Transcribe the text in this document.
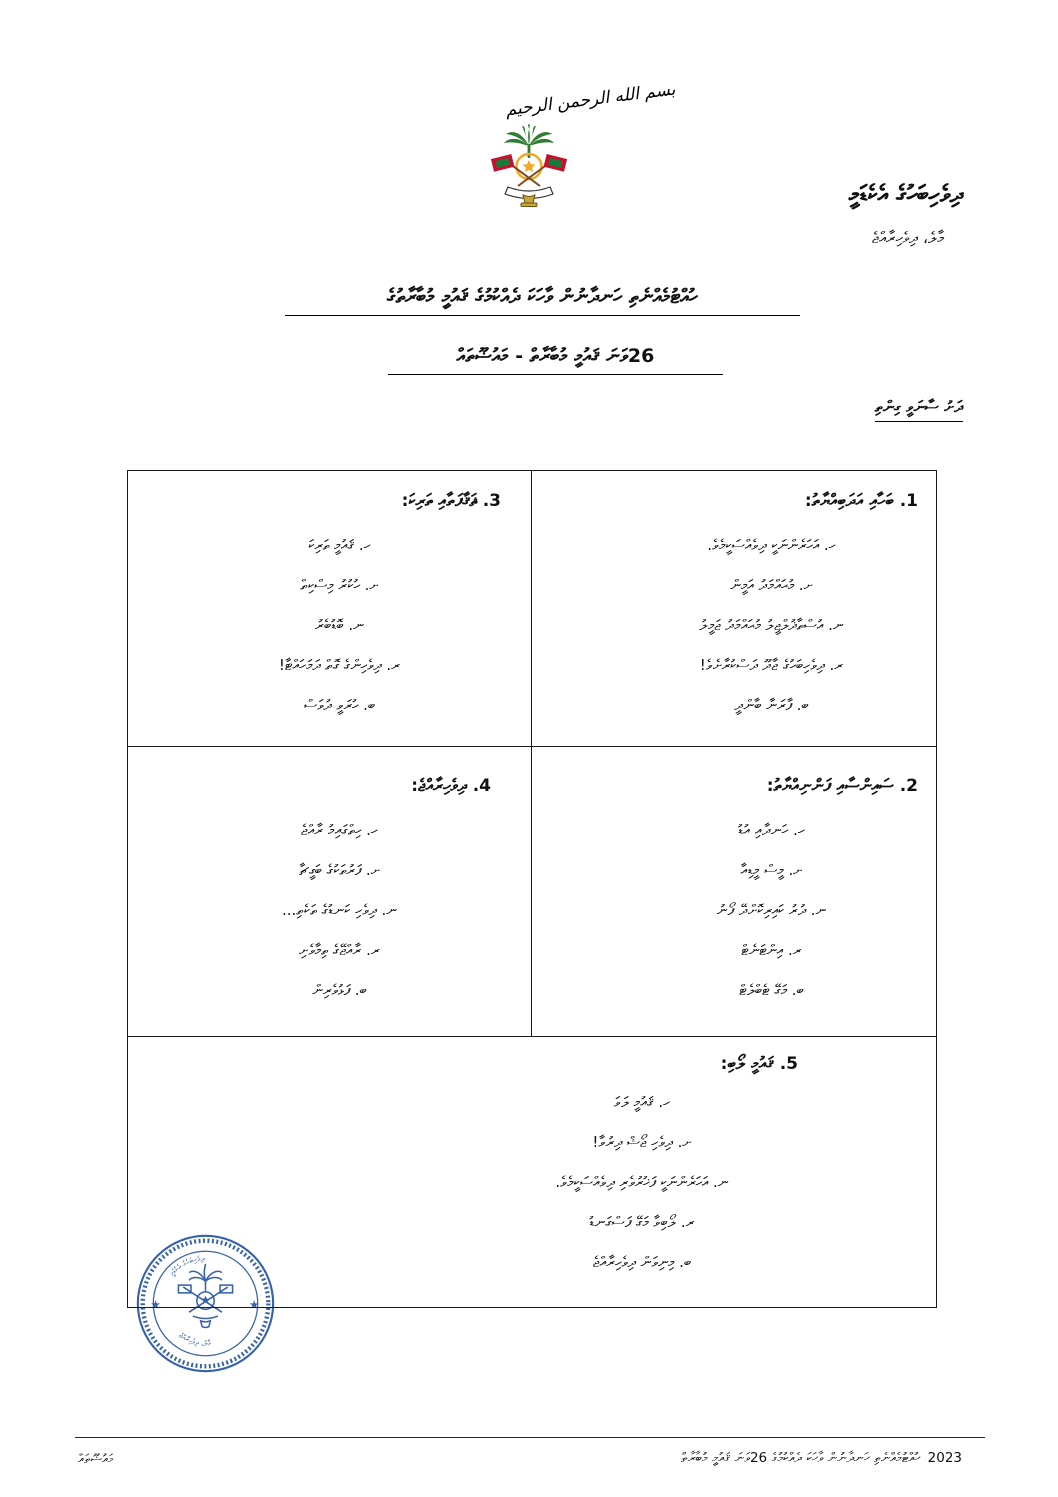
بسم الله الرحمن الرحيم
ދިވެހިބަހުގެ އެކެޑަމީ
މާލެ، ދިވެހިރާއްޖެ
ހުއްޓުމެއްނެތި ހަނދާނުން ވާހަކަ ދެއްކުމުގެ ޤައުމީ މުބާރާތުގެ
26ވަނަ ޤައުމީ މުބާރާތް - މައުޟޫތައް
ދަށު ސާނަވީ ގިންތި
★	★
ދިވެހިބަހުގެ އެކެޑަމީ
މާލެ، ދިވެހިރާއްޖެ
1. ބަހާއި އަދަބިއްޔާތު:
ހ. އަހަރެންނަކީ ދިވެއްސަކީމެވެ.
ށ. މުޙައްމަދު އަމީން
ނ. އުސްތާޛުލްޖީލު މުޙައްމަދު ޖަމީލު
ރ. ދިވެހިބަހުގެ ޖާދޫ ދަސްކުރާށެވެ!
ބ. ފާރަނާ ބާންދީ
3. ޘަޤާފަތާއި ތަރިކަ:
ހ. ޤައުމީ ތަރިކަ
ށ. ހުކުރު މިސްކިތް
ނ. ބޮޑުބެރު
ރ. ދިވެހިންގެ ގޮތް ދަމަހައްޓާ!
ބ. ހުރަވީ ދުވަސް
2. ސައިންސާއި ފަންނިއްޔާތު:
ހ. ހަނދާއި އުޑު
ށ. މީސް މީޑިއާ
ނ. ދުރު ކައިރިކޮށްދޭ ފޯނު
ރ. އިންޓަނެޓް
ބ. މަގޭ ޓެބްލެޓް
4. ދިވެހިރާއްޖެ:
ހ. ހިތްގައިމު ރާއްޖެ
ށ. ފަރުތަކުގެ ބަގީޗާ
ނ. ދިވެހި ކަނޑުގެ ތަކެތި...
ރ. ރާއްޖޭގެ ތިމާވެށި
ބ. ފަޅުވެރިން
5. ޤައުމީ ލޯބި:
ހ. ޤައުމީ ލަވަ
ށ. ދިވެހި ޖޯޝް ދިރުވާ!
ނ. އަހަރެންނަކީ ފަޚުރުވެރި ދިވެއްސަކީމެވެ.
ރ. ލޯބިވާ މަގޭ ފަސްގަނޑު
ބ. މިނިވަން ދިވެހިރާއްޖެ
މައުޟޫތައް	ހުއްޓުމެއްނެތި ހަނދާނުން ވާހަކަ ދެއްކުމުގެ 26ވަނަ ޤައުމީ މުބާރާތް 2023
